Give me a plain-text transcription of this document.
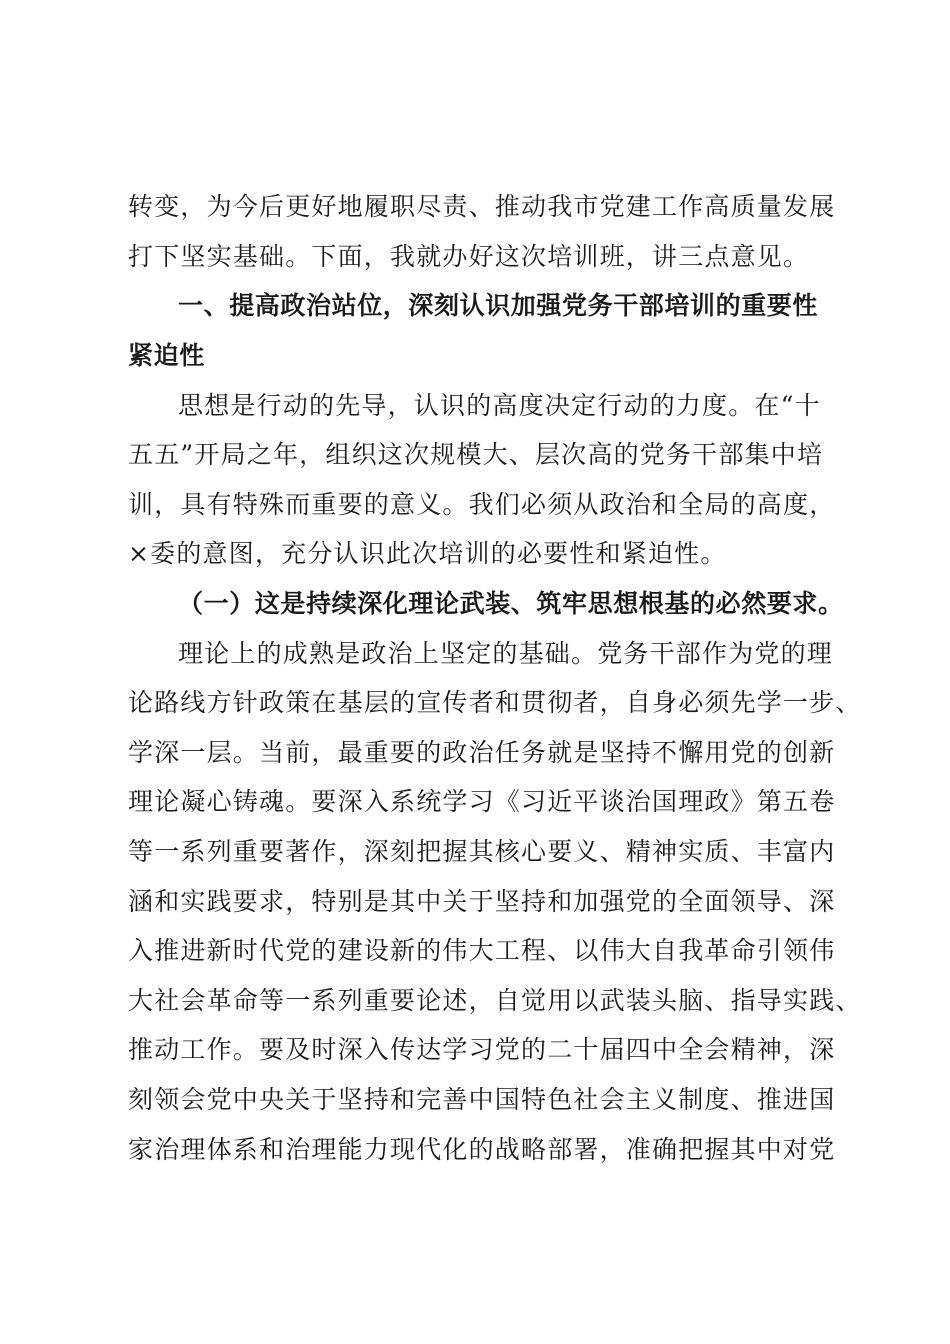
转变，为今后更好地履职尽责、推动我市党建工作高质量发展
打下坚实基础。下面，我就办好这次培训班，讲三点意见。
一、提高政治站位，深刻认识加强党务干部培训的重要性
紧迫性
思想是行动的先导，认识的高度决定行动的力度。在“十
五五”开局之年，组织这次规模大、层次高的党务干部集中培
训，具有特殊而重要的意义。我们必须从政治和全局的高度，
×委的意图，充分认识此次培训的必要性和紧迫性。
（一）这是持续深化理论武装、筑牢思想根基的必然要求。
理论上的成熟是政治上坚定的基础。党务干部作为党的理
论路线方针政策在基层的宣传者和贯彻者，自身必须先学一步、
学深一层。当前，最重要的政治任务就是坚持不懈用党的创新
理论凝心铸魂。要深入系统学习《习近平谈治国理政》第五卷
等一系列重要著作，深刻把握其核心要义、精神实质、丰富内
涵和实践要求，特别是其中关于坚持和加强党的全面领导、深
入推进新时代党的建设新的伟大工程、以伟大自我革命引领伟
大社会革命等一系列重要论述，自觉用以武装头脑、指导实践、
推动工作。要及时深入传达学习党的二十届四中全会精神，深
刻领会党中央关于坚持和完善中国特色社会主义制度、推进国
家治理体系和治理能力现代化的战略部署，准确把握其中对党
